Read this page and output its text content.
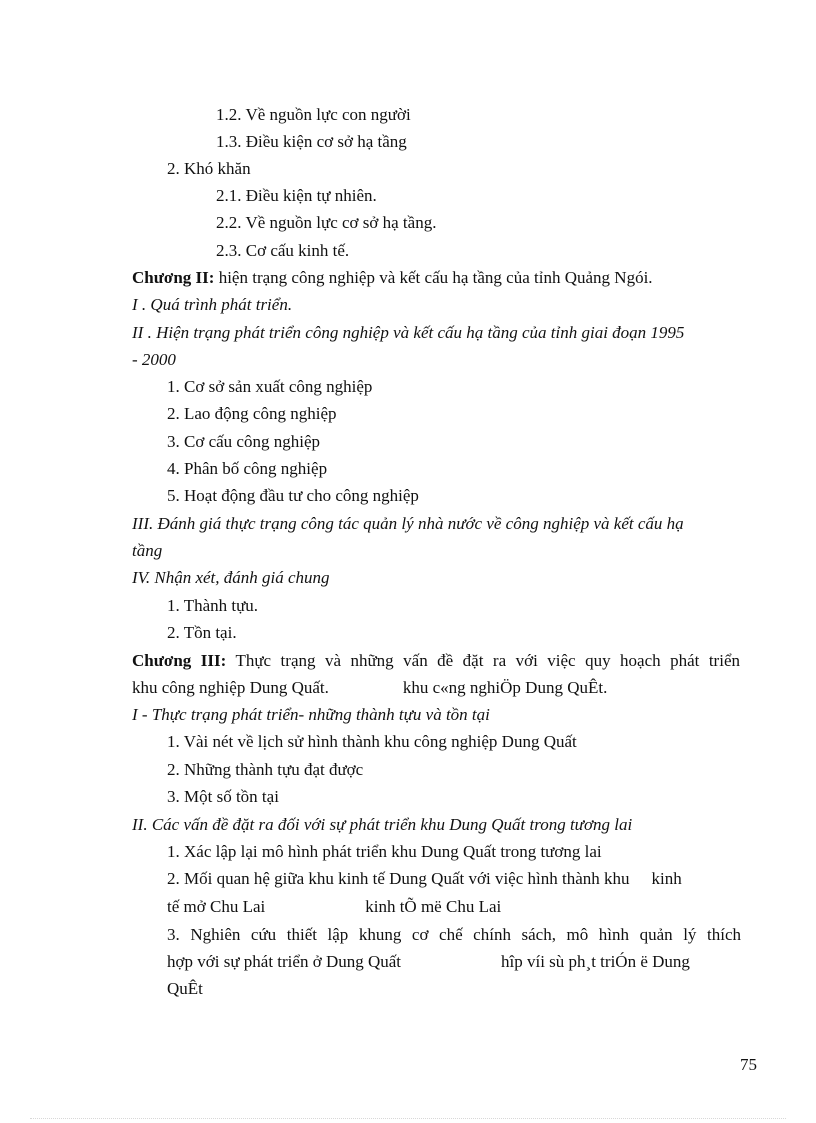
1.2. Về nguồn lực con người
1.3. Điều kiện cơ sở hạ tầng
2. Khó khăn
2.1. Điều kiện tự nhiên.
2.2. Về nguồn lực cơ sở hạ tầng.
2.3. Cơ cấu kinh tế.
Chương II: hiện trạng công nghiệp và kết cấu hạ tầng của tỉnh Quảng Ngói.
I . Quá trình phát triển.
II . Hiện trạng phát triển công nghiệp và kết cấu hạ tầng của tỉnh giai đoạn 1995
- 2000
1. Cơ sở sản xuất công nghiệp
2. Lao động công nghiệp
3. Cơ cấu công nghiệp
4. Phân bố công nghiệp
5. Hoạt động đầu tư cho công nghiệp
III. Đánh giá thực trạng công tác quản lý nhà nước về công nghiệp và kết cấu hạ
tầng
IV. Nhận xét, đánh giá chung
1. Thành tựu.
2. Tồn tại.
Chương III: Thực trạng và những vấn đề đặt ra với việc quy hoạch phát triển
khu công nghiệp Dung Quất.	khu c«ng nghiÖp Dung QuÊt.
I - Thực trạng phát triển- những thành tựu và tồn tại
1. Vài nét về lịch sử hình thành khu công nghiệp Dung Quất
2. Những thành tựu đạt được
3. Một số tồn tại
II. Các vấn đề đặt ra đối với sự phát triển khu Dung Quất trong tương lai
1. Xác lập lại mô hình phát triển khu Dung Quất trong tương lai
2. Mối quan hệ giữa khu kinh tế Dung Quất với việc hình thành khu kinh
tế mở Chu Lai	kinh tÕ më Chu Lai
3. Nghiên cứu thiết lập khung cơ chế chính sách, mô hình quản lý thích
hợp với sự phát triển ở Dung Quất	hîp víi sù ph¸t triÓn ë Dung
QuÊt
75
